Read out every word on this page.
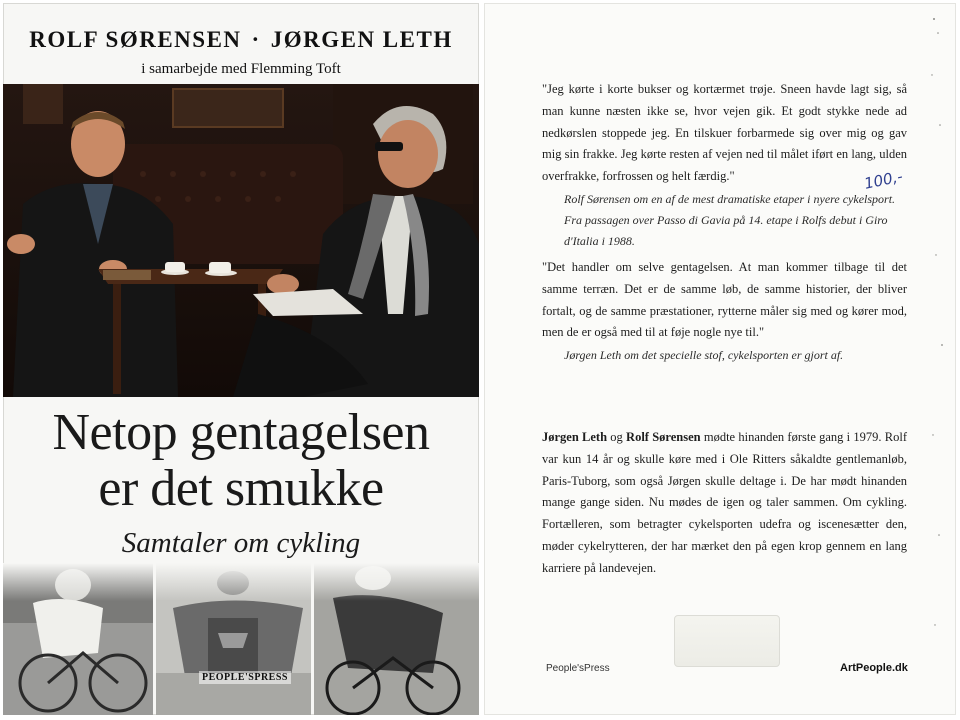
ROLF SØRENSEN · JØRGEN LETH
i samarbejde med Flemming Toft
Netop gentagelsen
er det smukke
Samtaler om cykling
PEOPLE'SPRESS
"Jeg kørte i korte bukser og kortærmet trøje. Sneen havde lagt sig, så man kunne næsten ikke se, hvor vejen gik. Et godt stykke nede ad nedkørslen stoppede jeg. En tilskuer forbarmede sig over mig og gav mig sin frakke. Jeg kørte resten af vejen ned til målet iført en lang, ulden overfrakke, forfrossen og helt færdig."	100,-
Rolf Sørensen om en af de mest dramatiske etaper i nyere cykelsport. Fra passagen over Passo di Gavia på 14. etape i Rolfs debut i Giro d'Italia i 1988.
"Det handler om selve gentagelsen. At man kommer tilbage til det samme terræn. Det er de samme løb, de samme historier, der bliver fortalt, og de samme præstationer, rytterne måler sig med og kører mod, men de er også med til at føje nogle nye til."
Jørgen Leth om det specielle stof, cykelsporten er gjort af.
Jørgen Leth og Rolf Sørensen mødte hinanden første gang i 1979. Rolf var kun 14 år og skulle køre med i Ole Ritters såkaldte gentlemanløb, Paris-Tuborg, som også Jørgen skulle deltage i. De har mødt hinanden mange gange siden. Nu mødes de igen og taler sammen. Om cykling. Fortælleren, som betragter cykelsporten udefra og iscenesætter den, møder cykelrytteren, der har mærket den på egen krop gennem en lang karriere på landevejen.
People'sPress	ArtPeople.dk
